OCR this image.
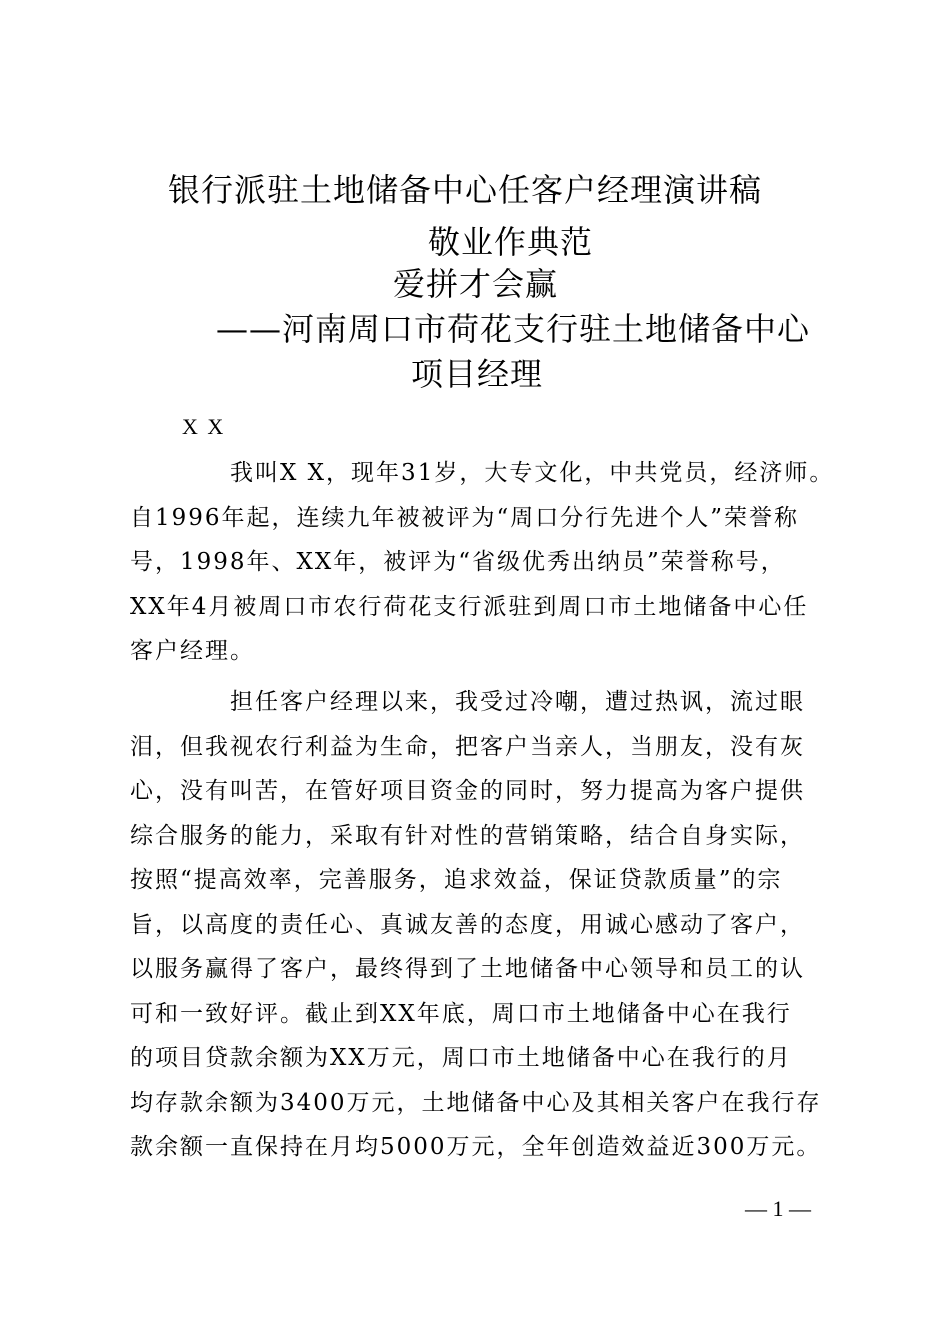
银行派驻土地储备中心任客户经理演讲稿
敬业作典范
爱拼才会赢
——河南周口市荷花支行驻土地储备中心
项目经理
X X
我叫X X，现年31岁，大专文化，中共党员，经济师。
自1996年起，连续九年被被评为“周口分行先进个人”荣誉称
号，1998年、XX年，被评为“省级优秀出纳员”荣誉称号，
XX年4月被周口市农行荷花支行派驻到周口市土地储备中心任
客户经理。
担任客户经理以来，我受过冷嘲，遭过热讽，流过眼
泪，但我视农行利益为生命，把客户当亲人，当朋友，没有灰
心，没有叫苦，在管好项目资金的同时，努力提高为客户提供
综合服务的能力，采取有针对性的营销策略，结合自身实际，
按照“提高效率，完善服务，追求效益，保证贷款质量”的宗
旨，以高度的责任心、真诚友善的态度，用诚心感动了客户，
以服务赢得了客户，最终得到了土地储备中心领导和员工的认
可和一致好评。截止到XX年底，周口市土地储备中心在我行
的项目贷款余额为XX万元，周口市土地储备中心在我行的月
均存款余额为3400万元，土地储备中心及其相关客户在我行存
款余额一直保持在月均5000万元，全年创造效益近300万元。
— 1 —
